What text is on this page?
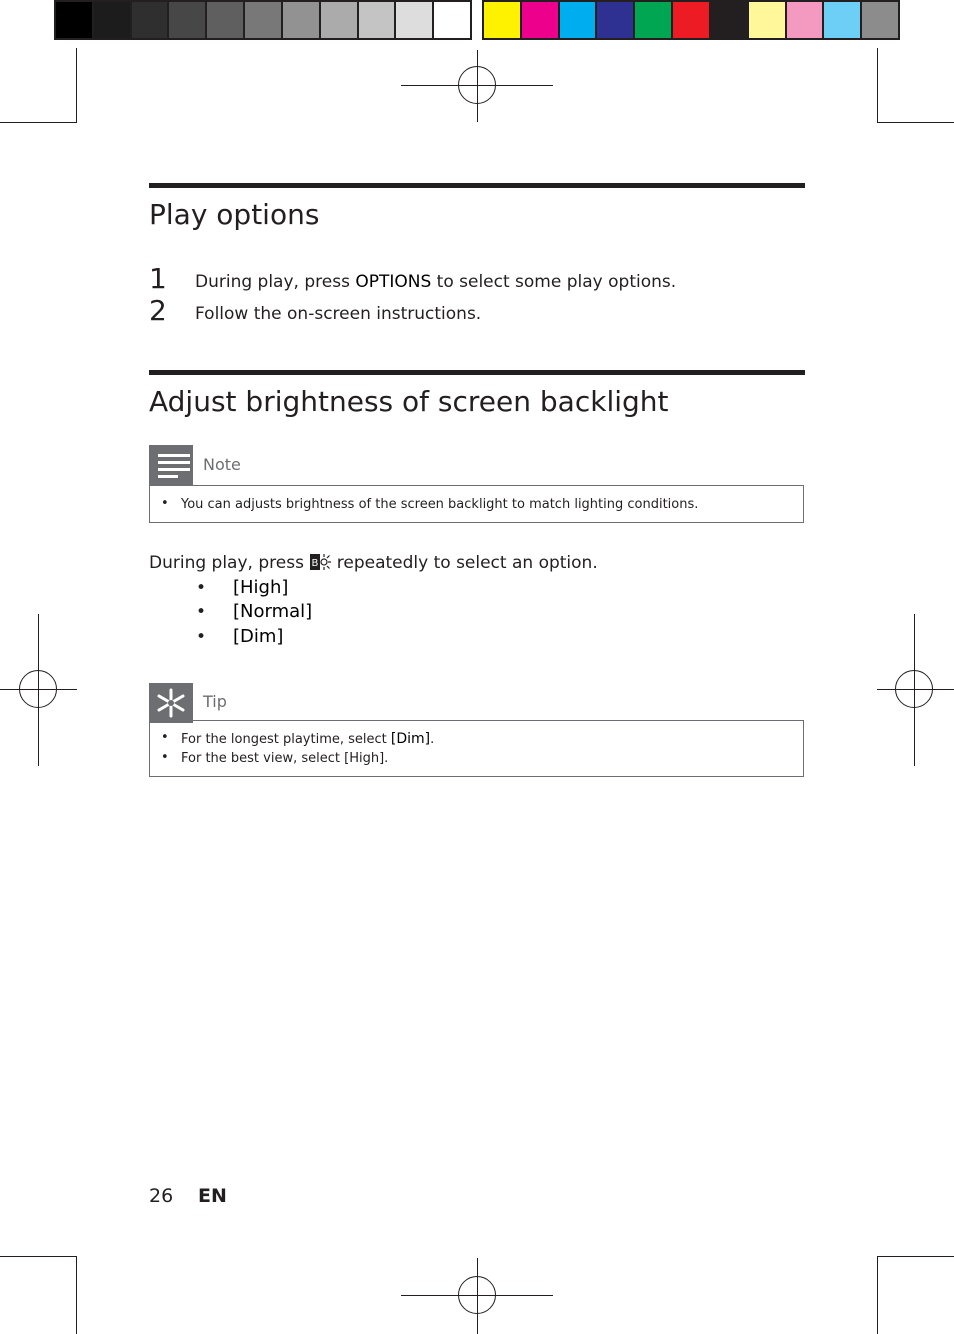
Play options
1 During play, press OPTIONS to select some play options.
2 Follow the on-screen instructions.
Adjust brightness of screen backlight
Note
• You can adjusts brightness of the screen backlight to match lighting conditions.
During play, press B repeatedly to select an option.
• [High]
• [Normal]
• [Dim]
Tip
• For the longest playtime, select [Dim].
• For the best view, select [High].
26 EN
